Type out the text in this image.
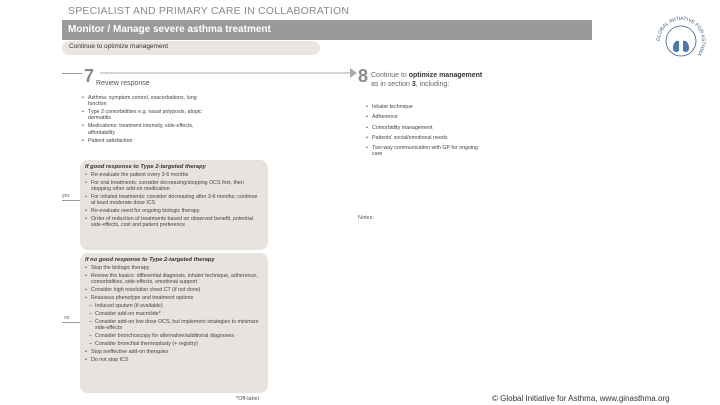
SPECIALIST AND PRIMARY CARE IN COLLABORATION
Monitor / Manage severe asthma treatment
Continue to optimize management
GLOBAL INITIATIVE FOR ASTHMA
7 Review response
• Asthma: symptom control, exacerbations, lung function
• Type 2 comorbidities e.g. nasal polyposis, atopic dermatitis
• Medications: treatment intensity, side-effects, affordability
• Patient satisfaction
8 Continue to optimize management
as in section 3, including:
• Inhaler technique
• Adherence
• Comorbidity management
• Patients' social/emotional needs
• Two-way communication with GP for ongoing care
Notes:
yes
If good response to Type 2-targeted therapy
• Re-evaluate the patient every 3-6 months
• For oral treatments: consider decreasing/stopping OCS first, then stopping other add-on medication
• For inhaled treatments: consider decreasing after 3-6 months; continue at least moderate dose ICS
• Re-evaluate need for ongoing biologic therapy
• Order of reduction of treatments based on observed benefit, potential side-effects, cost and patient preference
no
If no good response to Type 2-targeted therapy
• Stop the biologic therapy
• Review the basics: differential diagnosis, inhaler technique, adherence, comorbidities, side-effects, emotional support
• Consider high resolution chest CT (if not done)
• Reassess phenotype and treatment options
– Induced sputum (if available)
– Consider add-on macrolide*
– Consider add-on low dose OCS, but implement strategies to minimize side-effects
– Consider bronchoscopy for alternative/additional diagnoses
– Consider bronchial thermoplasty (+ registry)
• Stop ineffective add-on therapies
• Do not stop ICS
*Off-label	© Global Initiative for Asthma, www.ginasthma.org
